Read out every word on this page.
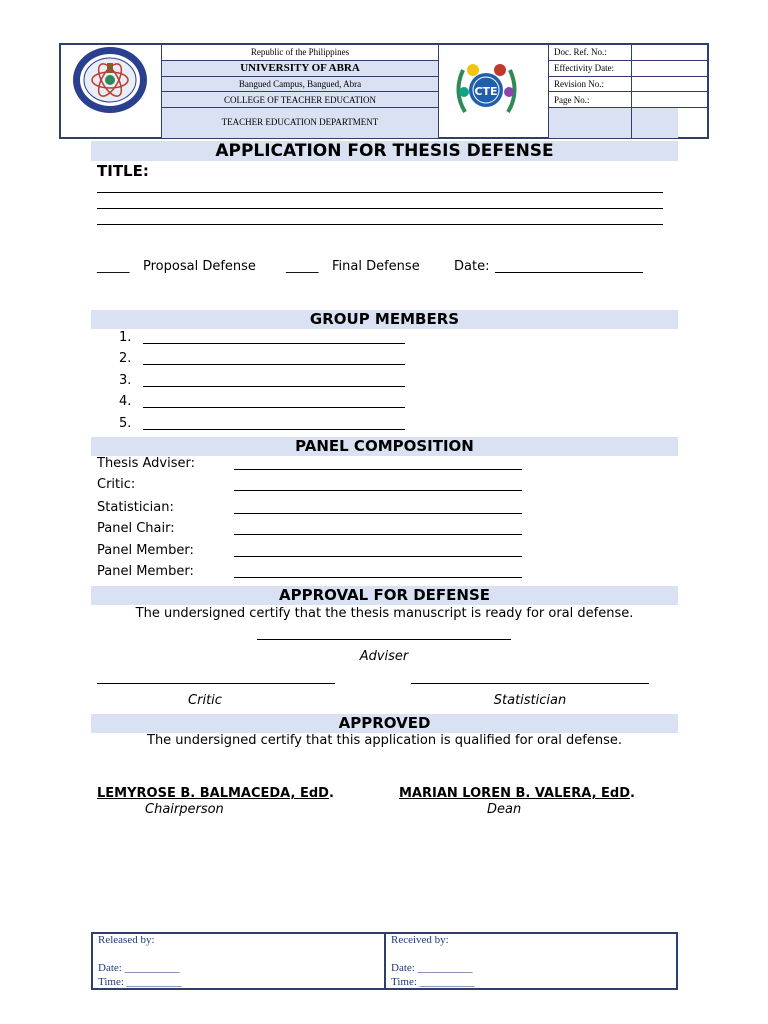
Republic of the Philippines
UNIVERSITY OF ABRA
Bangued Campus, Bangued, Abra
COLLEGE OF TEACHER EDUCATION
TEACHER EDUCATION DEPARTMENT
CTE
Doc. Ref. No.:
Effectivity Date:
Revision No.:
Page No.:
APPLICATION FOR THESIS DEFENSE
TITLE:
_____ Proposal Defense _____ Final Defense	Date:
GROUP MEMBERS
1.
2.
3.
4.
5.
PANEL COMPOSITION
Thesis Adviser:
Critic:
Statistician:
Panel Chair:
Panel Member:
Panel Member:
APPROVAL FOR DEFENSE
The undersigned certify that the thesis manuscript is ready for oral defense.
Adviser
Critic	Statistician
APPROVED
The undersigned certify that this application is qualified for oral defense.
LEMYROSE B. BALMACEDA, EdD.
Chairperson
MARIAN LOREN B. VALERA, EdD.
Dean
Released by:
Date: __________
Time: __________
Received by:
Date: __________
Time: __________
